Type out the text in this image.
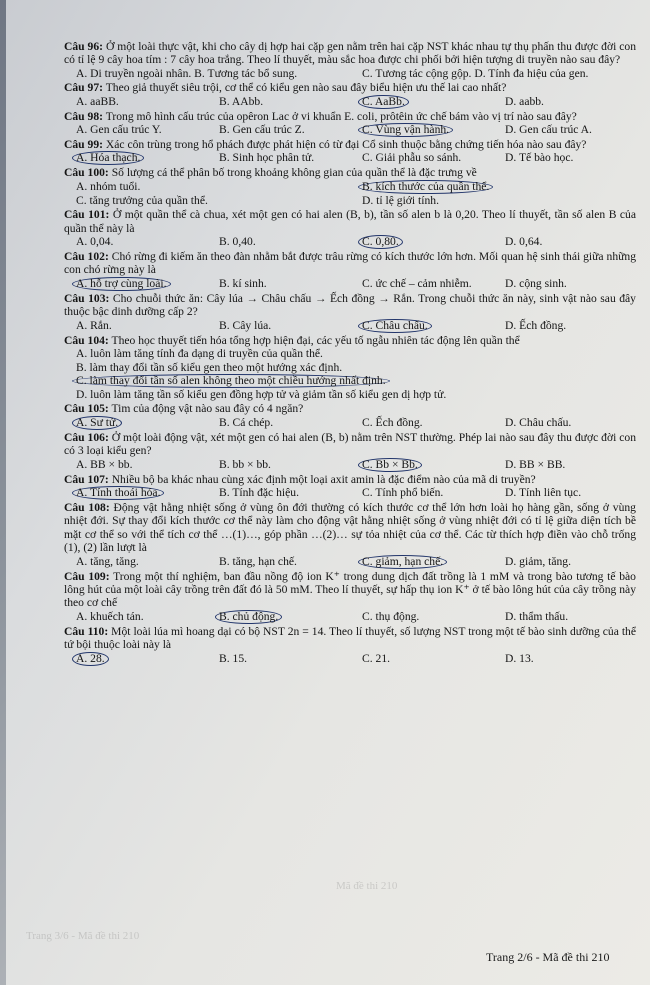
Mã đề thi 210
Trang 3/6 - Mã đề thi 210
Câu 96: Ở một loài thực vật, khi cho cây dị hợp hai cặp gen nằm trên hai cặp NST khác nhau tự thụ phấn thu được đời con có tỉ lệ 9 cây hoa tím : 7 cây hoa trắng. Theo lí thuyết, màu sắc hoa được chi phối bởi hiện tượng di truyền nào sau đây?
A. Di truyền ngoài nhân. B. Tương tác bổ sung.	C. Tương tác cộng gộp. D. Tính đa hiệu của gen.
Câu 97: Theo giả thuyết siêu trội, cơ thể có kiểu gen nào sau đây biểu hiện ưu thế lai cao nhất?
A. aaBB.	B. AAbb.	C. AaBb.	D. aabb.
Câu 98: Trong mô hình cấu trúc của opêron Lac ở vi khuẩn E. coli, prôtêin ức chế bám vào vị trí nào sau đây?
A. Gen cấu trúc Y.	B. Gen cấu trúc Z.	C. Vùng vận hành.	D. Gen cấu trúc A.
Câu 99: Xác côn trùng trong hổ phách được phát hiện có từ đại Cổ sinh thuộc bằng chứng tiến hóa nào sau đây?
A. Hóa thạch.	B. Sinh học phân tử.	C. Giải phẫu so sánh.	D. Tế bào học.
Câu 100: Số lượng cá thể phân bố trong khoảng không gian của quần thể là đặc trưng về
A. nhóm tuổi.	B. kích thước của quần thể.
C. tăng trưởng của quần thể.	D. tỉ lệ giới tính.
Câu 101: Ở một quần thể cà chua, xét một gen có hai alen (B, b), tần số alen b là 0,20. Theo lí thuyết, tần số alen B của quần thể này là
A. 0,04.	B. 0,40.	C. 0,80.	D. 0,64.
Câu 102: Chó rừng đi kiếm ăn theo đàn nhằm bắt được trâu rừng có kích thước lớn hơn. Mối quan hệ sinh thái giữa những con chó rừng này là
A. hỗ trợ cùng loài.	B. kí sinh.	C. ức chế – cảm nhiễm.	D. cộng sinh.
Câu 103: Cho chuỗi thức ăn: Cây lúa → Châu chấu → Ếch đồng → Rắn. Trong chuỗi thức ăn này, sinh vật nào sau đây thuộc bậc dinh dưỡng cấp 2?
A. Rắn.	B. Cây lúa.	C. Châu chấu.	D. Ếch đồng.
Câu 104: Theo học thuyết tiến hóa tổng hợp hiện đại, các yếu tố ngẫu nhiên tác động lên quần thể
A. luôn làm tăng tính đa dạng di truyền của quần thể.
B. làm thay đổi tần số kiểu gen theo một hướng xác định.
C. làm thay đổi tần số alen không theo một chiều hướng nhất định.
D. luôn làm tăng tần số kiểu gen đồng hợp tử và giảm tần số kiểu gen dị hợp tử.
Câu 105: Tim của động vật nào sau đây có 4 ngăn?
A. Sư tử.	B. Cá chép.	C. Ếch đồng.	D. Châu chấu.
Câu 106: Ở một loài động vật, xét một gen có hai alen (B, b) nằm trên NST thường. Phép lai nào sau đây thu được đời con có 3 loại kiểu gen?
A. BB × bb.	B. bb × bb.	C. Bb × Bb.	D. BB × BB.
Câu 107: Nhiều bộ ba khác nhau cùng xác định một loại axit amin là đặc điểm nào của mã di truyền?
A. Tính thoái hóa.	B. Tính đặc hiệu.	C. Tính phổ biến.	D. Tính liên tục.
Câu 108: Động vật hằng nhiệt sống ở vùng ôn đới thường có kích thước cơ thể lớn hơn loài họ hàng gần, sống ở vùng nhiệt đới. Sự thay đổi kích thước cơ thể này làm cho động vật hằng nhiệt sống ở vùng nhiệt đới có tỉ lệ giữa diện tích bề mặt cơ thể so với thể tích cơ thể …(1)…, góp phần …(2)… sự tỏa nhiệt của cơ thể. Các từ thích hợp điền vào chỗ trống (1), (2) lần lượt là
A. tăng, tăng.	B. tăng, hạn chế.	C. giảm, hạn chế.	D. giảm, tăng.
Câu 109: Trong một thí nghiệm, ban đầu nồng độ ion K⁺ trong dung dịch đất trồng là 1 mM và trong bào tương tế bào lông hút của một loài cây trồng trên đất đó là 50 mM. Theo lí thuyết, sự hấp thụ ion K⁺ ở tế bào lông hút của cây trồng này theo cơ chế
A. khuếch tán.	B. chủ động.	C. thụ động.	D. thẩm thấu.
Câu 110: Một loài lúa mì hoang dại có bộ NST 2n = 14. Theo lí thuyết, số lượng NST trong một tế bào sinh dưỡng của thể tứ bội thuộc loài này là
A. 28.	B. 15.	C. 21.	D. 13.
Trang 2/6 - Mã đề thi 210
